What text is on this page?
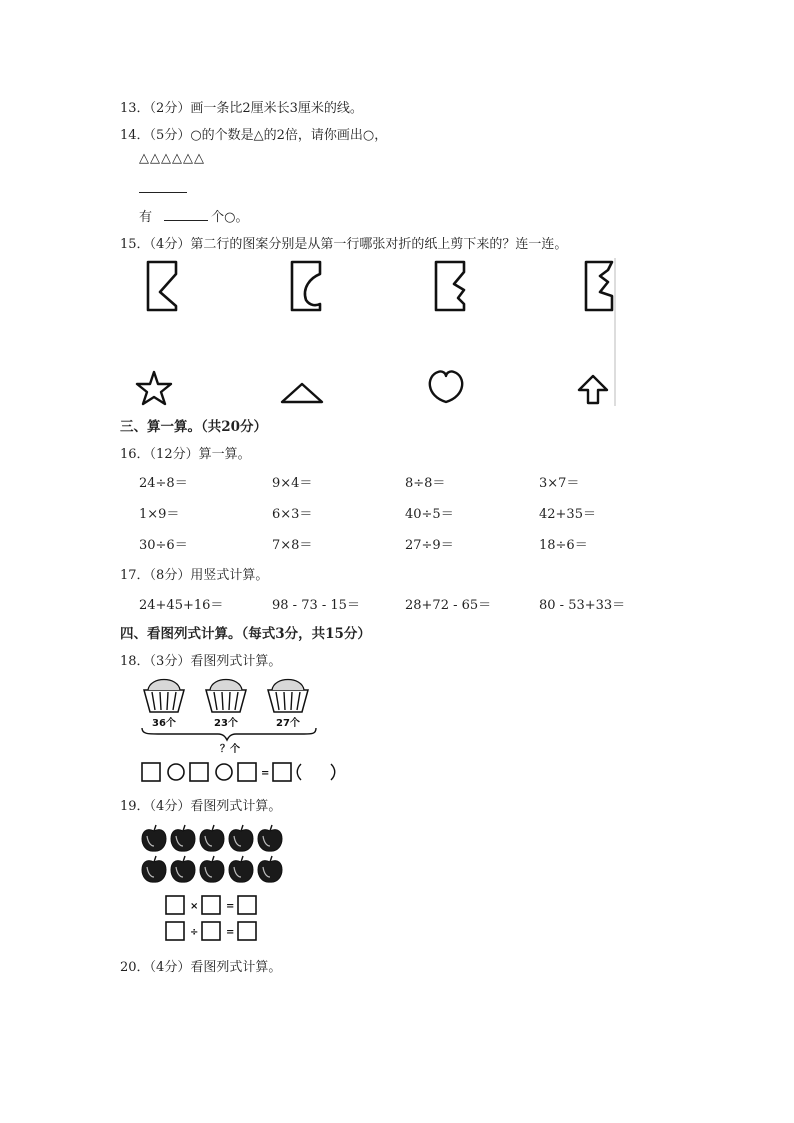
13．（2分）画一条比2厘米长3厘米的线。
14．（5分）○的个数是△的2倍，请你画出○，
△△△△△△
有	个○。
15．（4分）第二行的图案分别是从第一行哪张对折的纸上剪下来的？连一连。
三、算一算。（共20分）
16．（12分）算一算。
24÷8＝	9×4＝	8÷8＝	3×7＝
1×9＝	6×3＝	40÷5＝	42+35＝
30÷6＝	7×8＝	27÷9＝	18÷6＝
17．（8分）用竖式计算。
24+45+16＝	98 - 73 - 15＝	28+72 - 65＝	80 - 53+33＝
四、看图列式计算。（每式3分，共15分）
18．（3分）看图列式计算。
36个	23个	27个
？个
=
19．（4分）看图列式计算。
×	=
÷	=
20．（4分）看图列式计算。
